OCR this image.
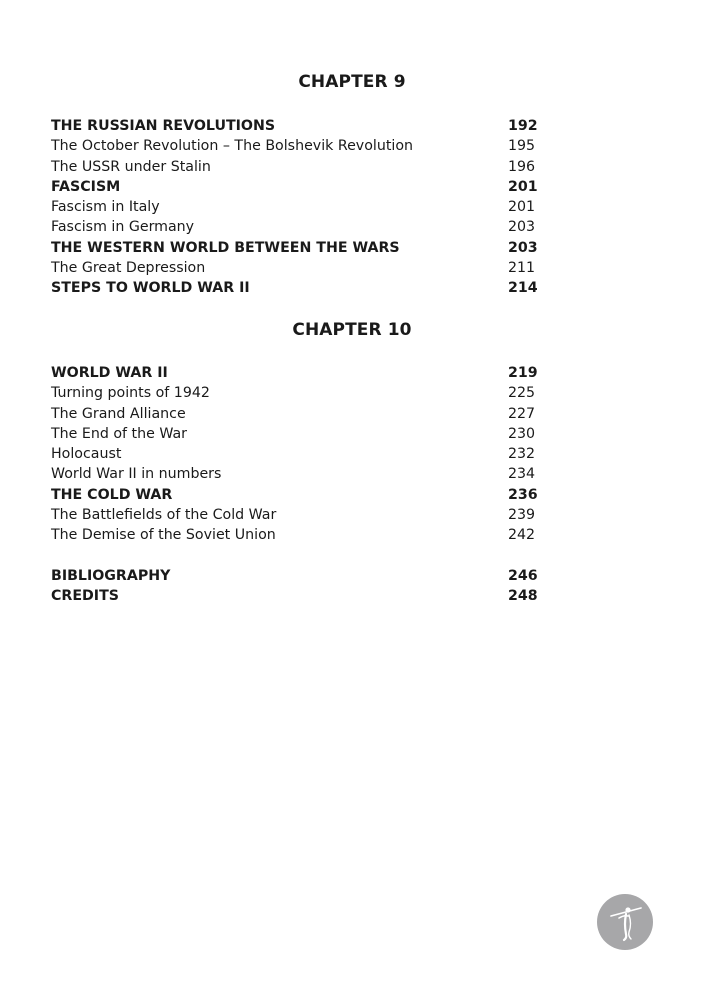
CHAPTER 9
THE RUSSIAN REVOLUTIONS	192
The October Revolution – The Bolshevik Revolution	195
The USSR under Stalin	196
FASCISM	201
Fascism in Italy	201
Fascism in Germany	203
THE WESTERN WORLD BETWEEN THE WARS	203
The Great Depression	211
STEPS TO WORLD WAR II	214
CHAPTER 10
WORLD WAR II	219
Turning points of 1942	225
The Grand Alliance	227
The End of the War	230
Holocaust	232
World War II in numbers	234
THE COLD WAR	236
The Battlefields of the Cold War	239
The Demise of the Soviet Union	242
BIBLIOGRAPHY	246
CREDITS	248
